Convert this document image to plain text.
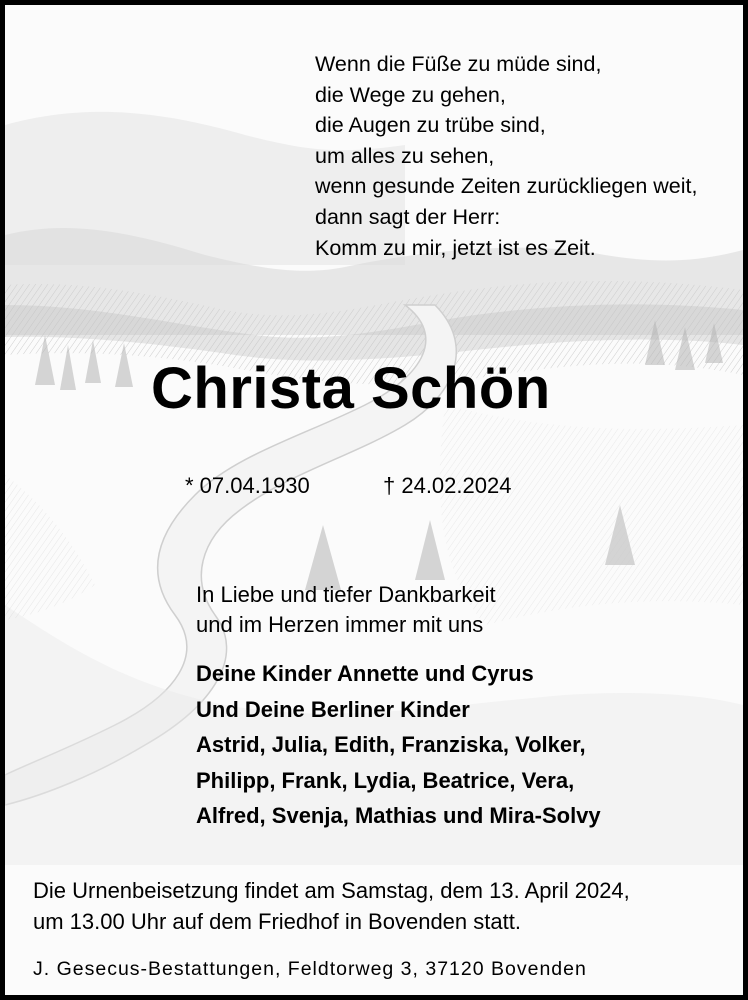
Wenn die Füße zu müde sind,
die Wege zu gehen,
die Augen zu trübe sind,
um alles zu sehen,
wenn gesunde Zeiten zurückliegen weit,
dann sagt der Herr:
Komm zu mir, jetzt ist es Zeit.
Christa Schön
* 07.04.1930	† 24.02.2024
In Liebe und tiefer Dankbarkeit
und im Herzen immer mit uns
Deine Kinder Annette und Cyrus
Und Deine Berliner Kinder
Astrid, Julia, Edith, Franziska, Volker,
Philipp, Frank, Lydia, Beatrice, Vera,
Alfred, Svenja, Mathias und Mira-Solvy
Die Urnenbeisetzung findet am Samstag, dem 13. April 2024,
um 13.00 Uhr auf dem Friedhof in Bovenden statt.
J. Gesecus-Bestattungen, Feldtorweg 3, 37120 Bovenden
